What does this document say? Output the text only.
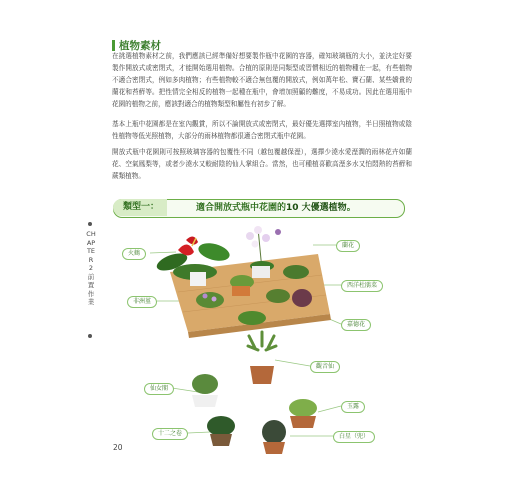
植物素材
在挑選植物素材之前，我們應該已經準備好想要製作瓶中花園的容器，確知玻璃瓶的大小，並決定好要製作開放式或密閉式，才能開始選用植物。合植的原則是同類型或習慣相近的植物種在一起，有些植物不適合密閉式，例如多肉植物；有些植物較不適合無包覆的開放式，例如萬年松、寶石蘭、某些嬌貴的蘭花和苔蘚等。把性情完全相反的植物一起種在瓶中，會增加照顧的難度，不易成功。因此在選用瓶中花園的植物之前，應該對適合的植物類型和屬性有初步了解。
基本上瓶中花園都是在室內觀賞，所以不論開放式或密閉式，最好優先選擇室內植物，半日照植物或陰性植物等低光照植物，大部分的雨林植物都很適合密閉式瓶中花園。
開放式瓶中花園則可按照玻璃容器的包覆性不同（越包覆越保溼），選擇少澆水愛溼潤的雨林花卉如蘭花、空氣鳳梨等，或者少澆水又較耐陰的仙人掌組合。當然，也可種植喜歡高溼多水又怕悶熱的苔蘚和蕨類植物。
CHAPTER 2 前置作業
類型一：	適合開放式瓶中花園的10 大優選植物。
火鶴
蘭花
西洋杜鵑菜
非洲堇
嘉德花
觀音仙
仙女閣
玉露
十二之卷	白星（兜）
20
